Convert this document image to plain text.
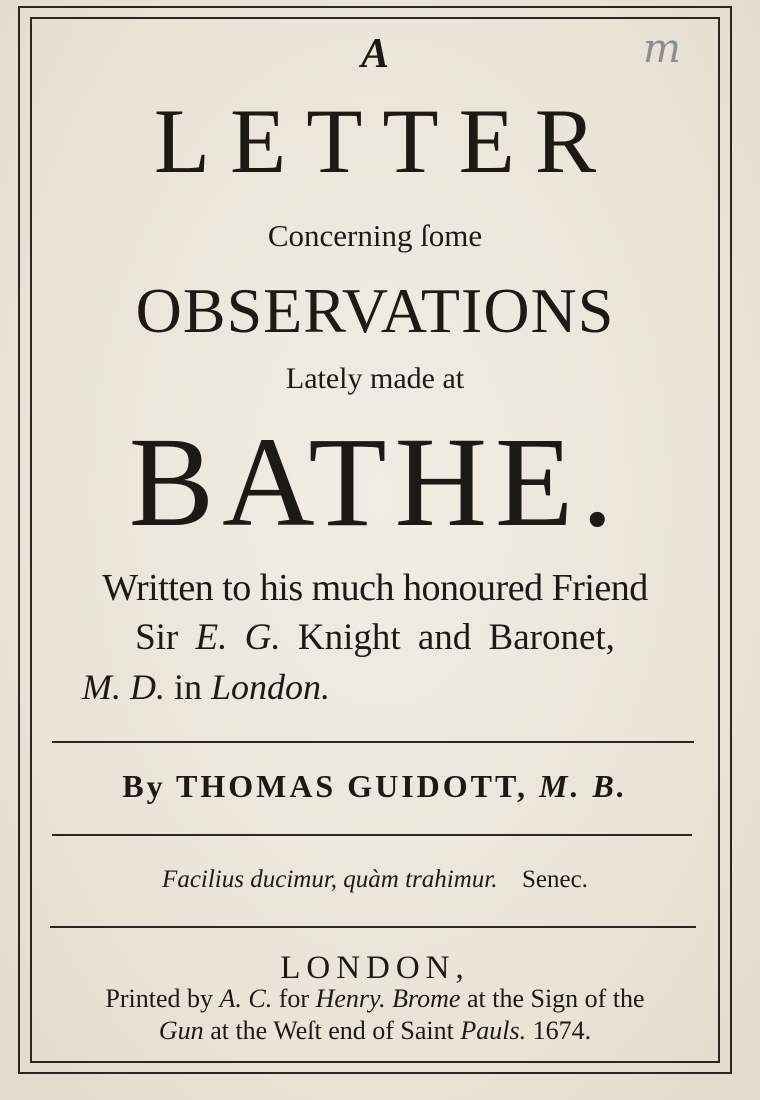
m
A
LETTER
Concerning ſome
OBSERVATIONS
Lately made at
BATHE.
Written to his much honoured Friend
Sir E. G. Knight and Baronet,
M. D. in London.
By THOMAS GUIDOTT, M. B.
Facilius ducimur, quàm trahimur. Senec.
LONDON,
Printed by A. C. for Henry. Brome at the Sign of the
Gun at the Weſt end of Saint Pauls. 1674.
